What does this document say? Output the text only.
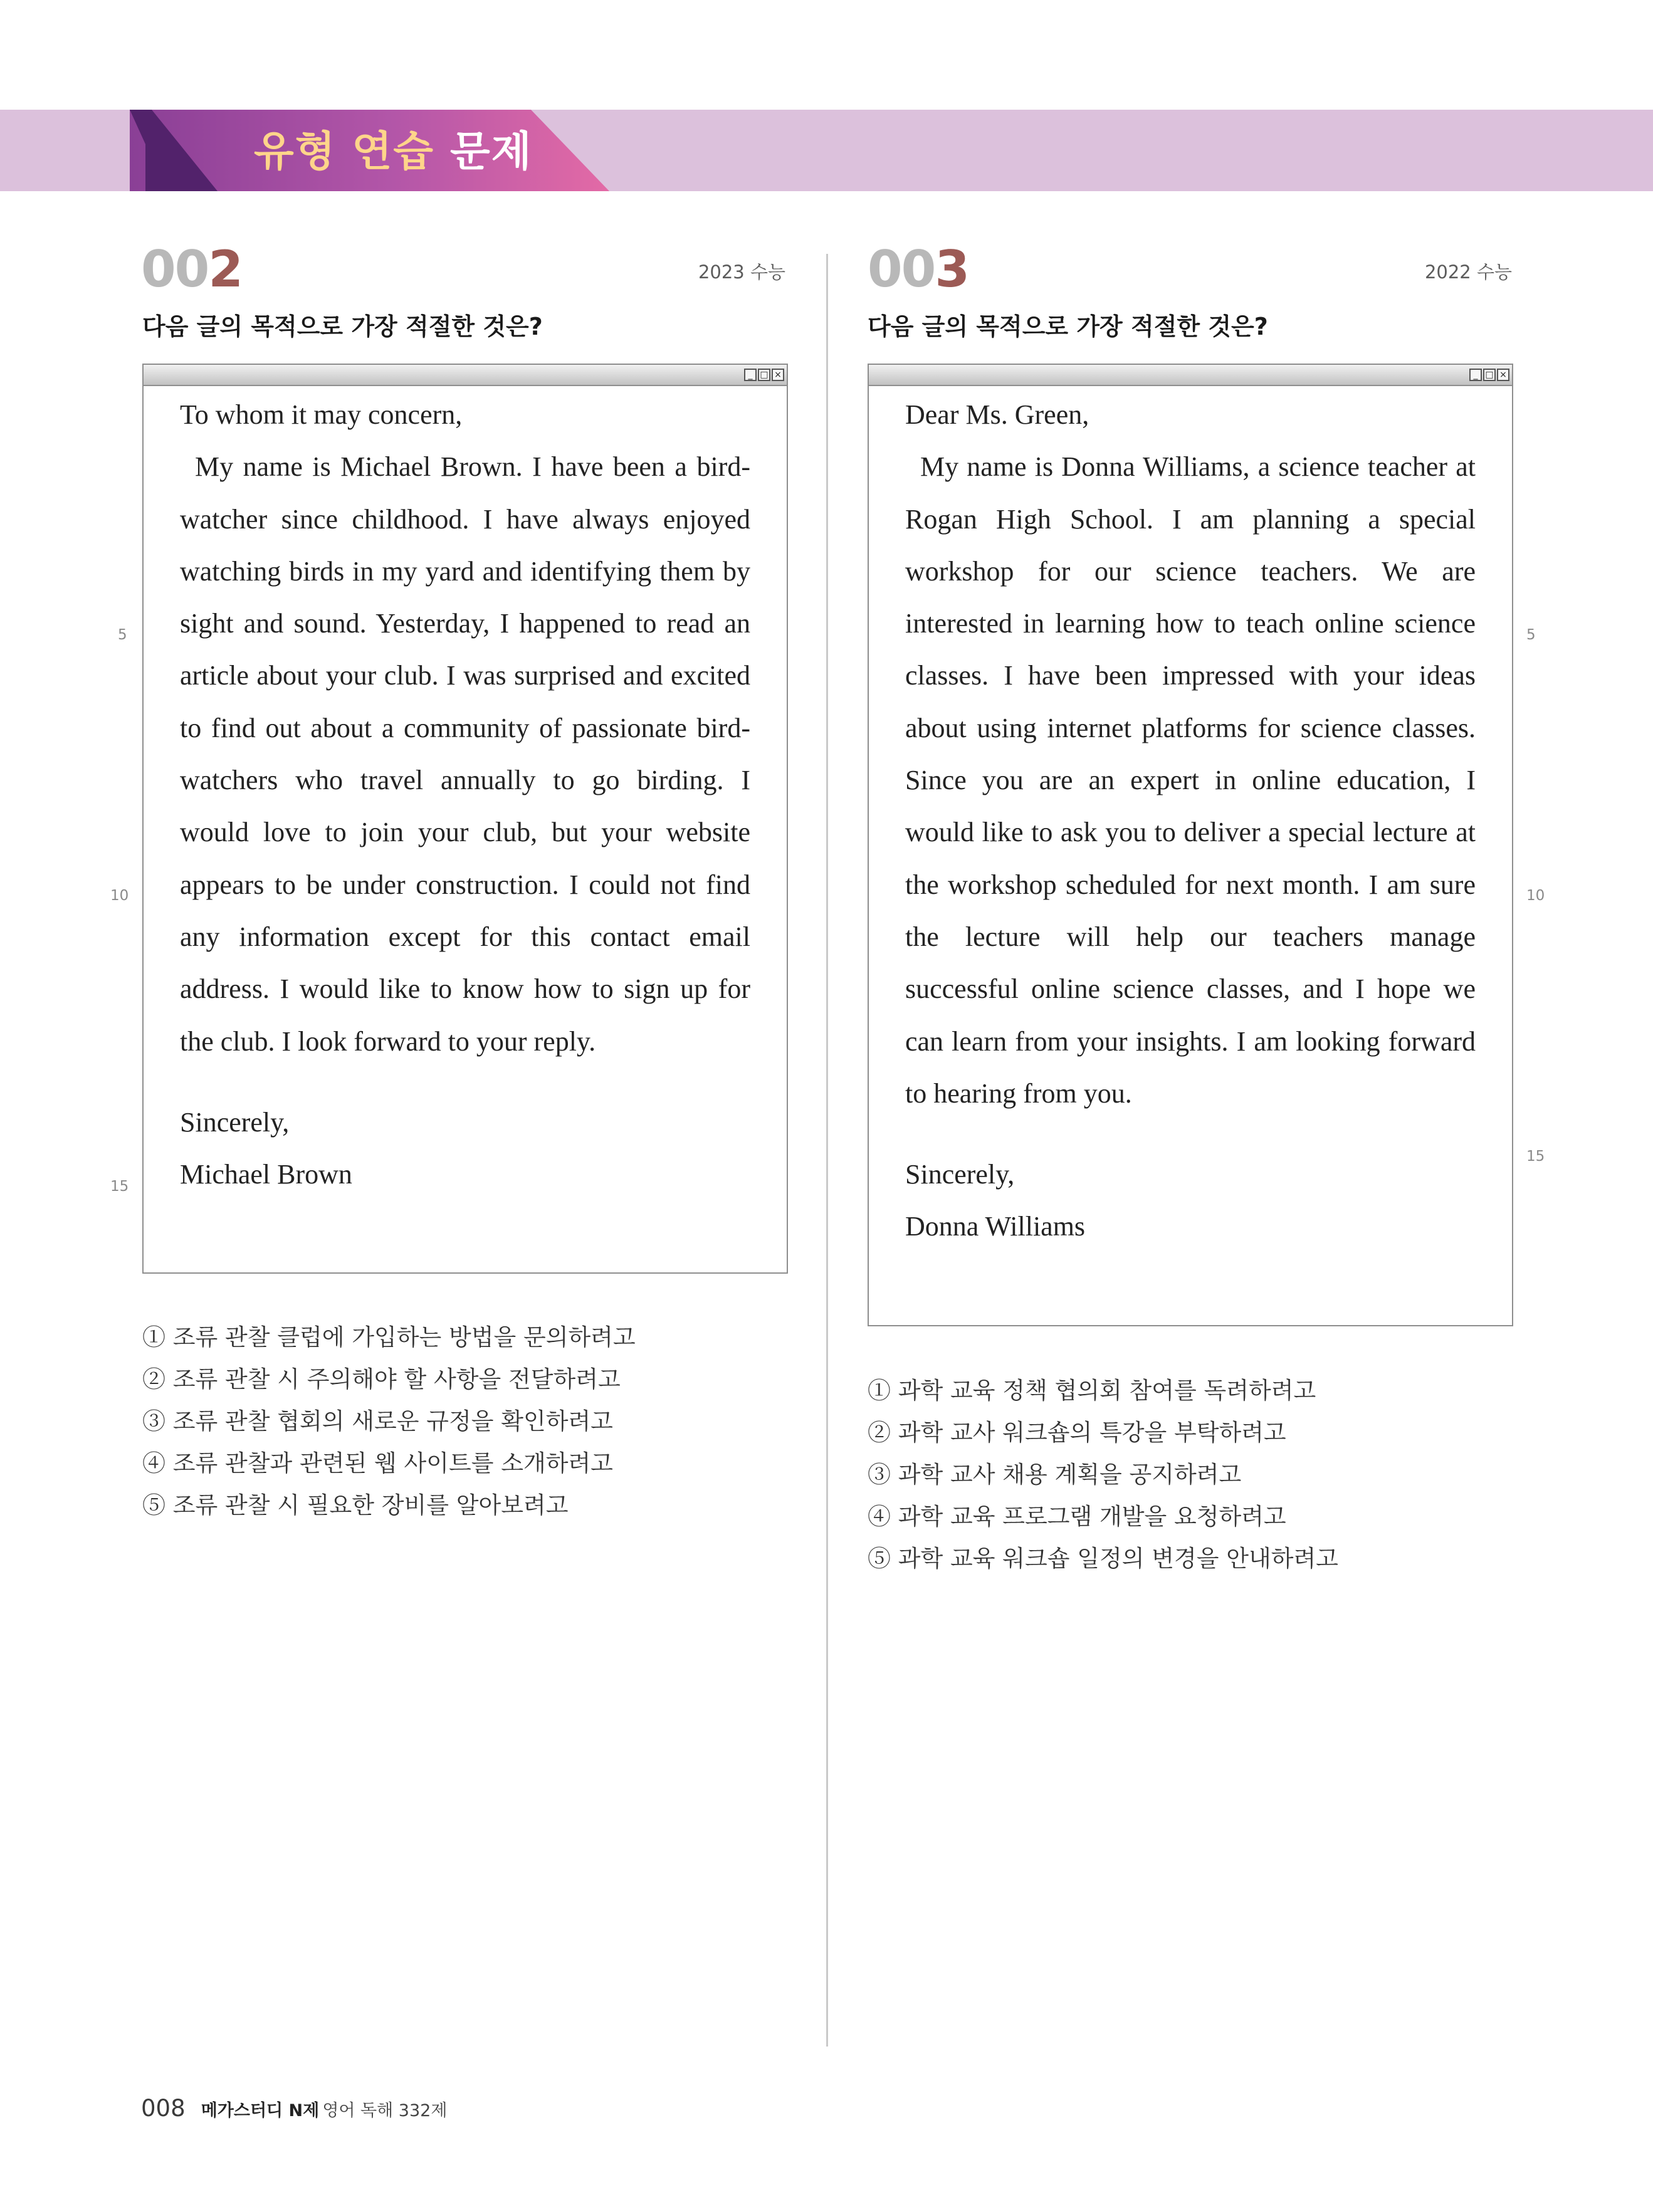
유형 연습 문제
002	2023 수능
다음 글의 목적으로 가장 적절한 것은?
_ □ ×

To whom it may concern,

My name is Michael Brown. I have been a bird-watcher since childhood. I have always enjoyed watching birds in my yard and identifying them by sight and sound. Yesterday, I happened to read an article about your club. I was surprised and excited to find out about a community of passionate bird-watchers who travel annually to go birding. I would love to join your club, but your website appears to be under construction. I could not find any information except for this contact email address. I would like to know how to sign up for the club. I look forward to your reply.

Sincerely,

Michael Brown

5
10
15
① 조류 관찰 클럽에 가입하는 방법을 문의하려고
② 조류 관찰 시 주의해야 할 사항을 전달하려고
③ 조류 관찰 협회의 새로운 규정을 확인하려고
④ 조류 관찰과 관련된 웹 사이트를 소개하려고
⑤ 조류 관찰 시 필요한 장비를 알아보려고
003	2022 수능
다음 글의 목적으로 가장 적절한 것은?
_ □ ×

Dear Ms. Green,

My name is Donna Williams, a science teacher at Rogan High School. I am planning a special workshop for our science teachers. We are interested in learning how to teach online science classes. I have been impressed with your ideas about using internet platforms for science classes. Since you are an expert in online education, I would like to ask you to deliver a special lecture at the workshop scheduled for next month. I am sure the lecture will help our teachers manage successful online science classes, and I hope we can learn from your insights. I am looking forward to hearing from you.

Sincerely,

Donna Williams

5
10
15
① 과학 교육 정책 협의회 참여를 독려하려고
② 과학 교사 워크숍의 특강을 부탁하려고
③ 과학 교사 채용 계획을 공지하려고
④ 과학 교육 프로그램 개발을 요청하려고
⑤ 과학 교육 워크숍 일정의 변경을 안내하려고
008 메가스터디 N제 영어 독해 332제
